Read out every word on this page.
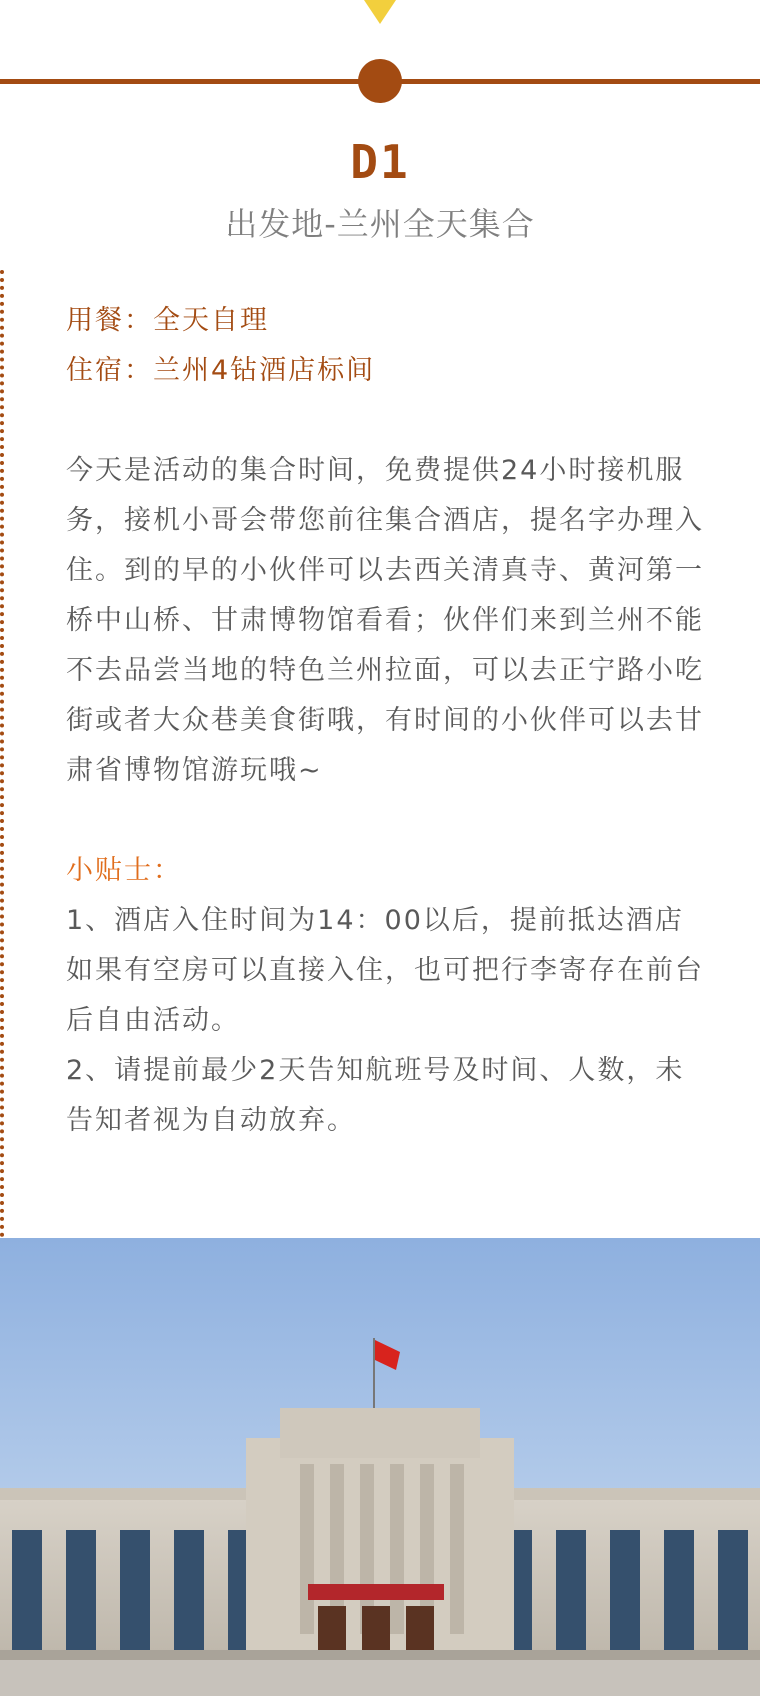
D1
出发地-兰州全天集合
用餐：全天自理
住宿：兰州4钻酒店标间

今天是活动的集合时间，免费提供24小时接机服务，接机小哥会带您前往集合酒店，提名字办理入住。到的早的小伙伴可以去西关清真寺、黄河第一桥中山桥、甘肃博物馆看看；伙伴们来到兰州不能不去品尝当地的特色兰州拉面，可以去正宁路小吃街或者大众巷美食街哦，有时间的小伙伴可以去甘肃省博物馆游玩哦~

小贴士：

1、酒店入住时间为14：00以后，提前抵达酒店如果有空房可以直接入住，也可把行李寄存在前台后自由活动。

2、请提前最少2天告知航班号及时间、人数，未告知者视为自动放弃。
